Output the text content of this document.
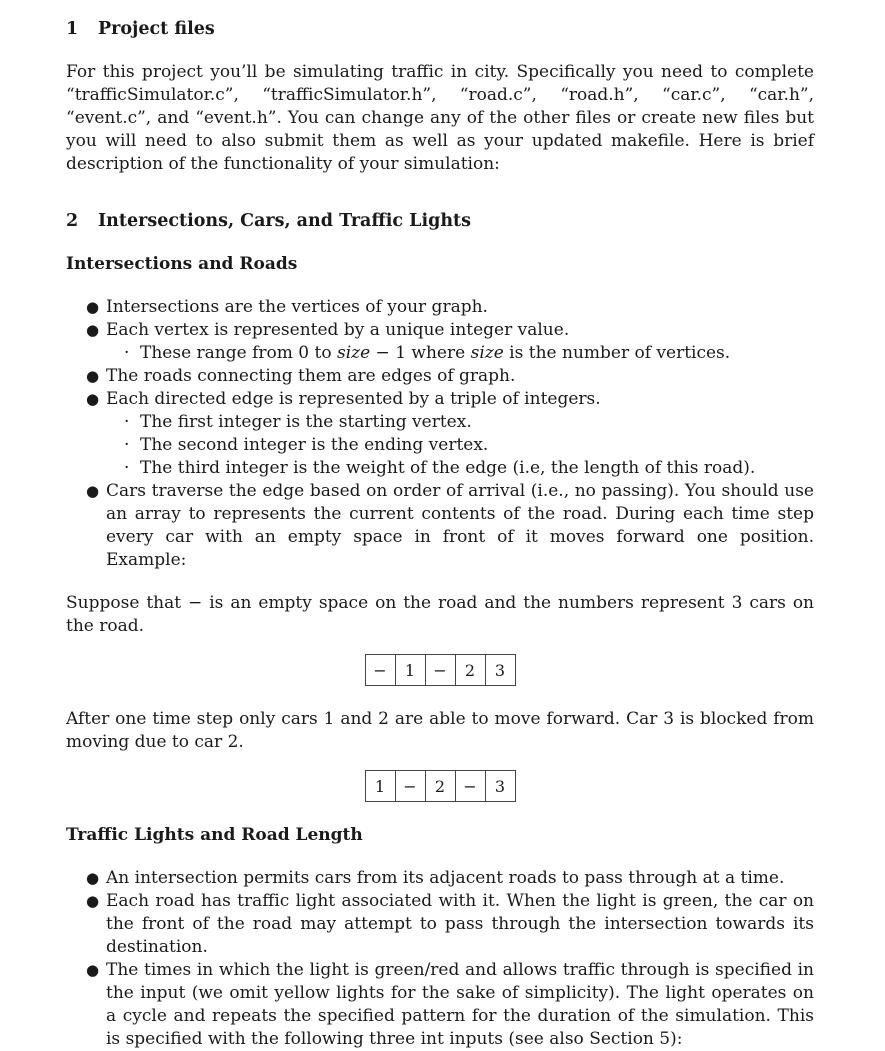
1 Project files

For this project you’ll be simulating traffic in city. Specifically you need to complete “trafficSimulator.c”, “trafficSimulator.h”, “road.c”, “road.h”, “car.c”, “car.h”, “event.c”, and “event.h”. You can change any of the other files or create new files but you will need to also submit them as well as your updated makefile. Here is brief description of the functionality of your simulation:

2 Intersections, Cars, and Traffic Lights
Intersections and Roads
● Intersections are the vertices of your graph.
● Each vertex is represented by a unique integer value.
· These range from 0 to size − 1 where size is the number of vertices.
● The roads connecting them are edges of graph.
● Each directed edge is represented by a triple of integers.
· The first integer is the starting vertex.
· The second integer is the ending vertex.
· The third integer is the weight of the edge (i.e, the length of this road).
● Cars traverse the edge based on order of arrival (i.e., no passing). You should use an array to represents the current contents of the road. During each time step every car with an empty space in front of it moves forward one position. Example:

Suppose that − is an empty space on the road and the numbers represent 3 cars on the road.

−	1	−	2	3

After one time step only cars 1 and 2 are able to move forward. Car 3 is blocked from moving due to car 2.

1	−	2	−	3
Traffic Lights and Road Length
● An intersection permits cars from its adjacent roads to pass through at a time.
● Each road has traffic light associated with it. When the light is green, the car on the front of the road may attempt to pass through the intersection towards its destination.
● The times in which the light is green/red and allows traffic through is specified in the input (we omit yellow lights for the sake of simplicity). The light operates on a cycle and repeats the specified pattern for the duration of the simulation. This is specified with the following three int inputs (see also Section 5):
